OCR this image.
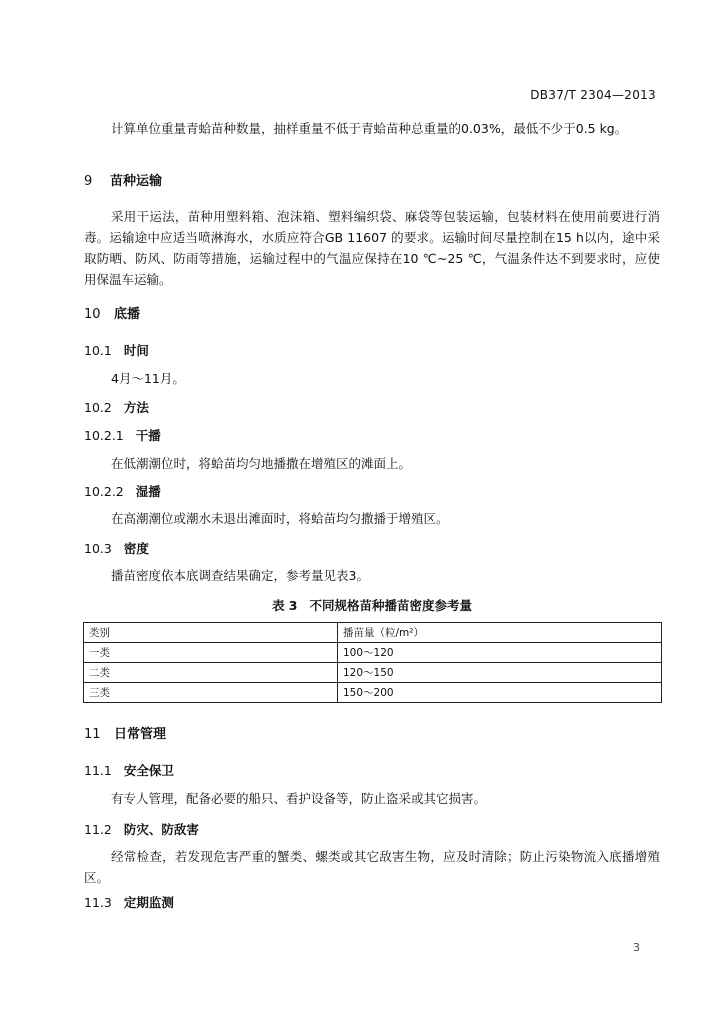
DB37/T 2304—2013

计算单位重量青蛤苗种数量，抽样重量不低于青蛤苗种总重量的0.03%，最低不少于0.5 kg。

9 苗种运输

采用干运法，苗种用塑料箱、泡沫箱、塑料编织袋、麻袋等包装运输，包装材料在使用前要进行消毒。运输途中应适当喷淋海水，水质应符合GB 11607 的要求。运输时间尽量控制在15 h以内，途中采取防晒、防风、防雨等措施，运输过程中的气温应保持在10 ℃~25 ℃，气温条件达不到要求时，应使用保温车运输。

10 底播
10.1 时间

4月～11月。

10.2 方法
10.2.1 干播

在低潮潮位时，将蛤苗均匀地播撒在增殖区的滩面上。

10.2.2 湿播

在高潮潮位或潮水未退出滩面时，将蛤苗均匀撒播于增殖区。

10.3 密度

播苗密度依本底调查结果确定，参考量见表3。

表 3 不同规格苗种播苗密度参考量
类别	播苗量（粒/m²）
一类	100～120
二类	120～150
三类	150～200
11 日常管理
11.1 安全保卫

有专人管理，配备必要的船只、看护设备等，防止盗采或其它损害。

11.2 防灾、防敌害

经常检查，若发现危害严重的蟹类、螺类或其它敌害生物，应及时清除；防止污染物流入底播增殖区。

11.3 定期监测
3
